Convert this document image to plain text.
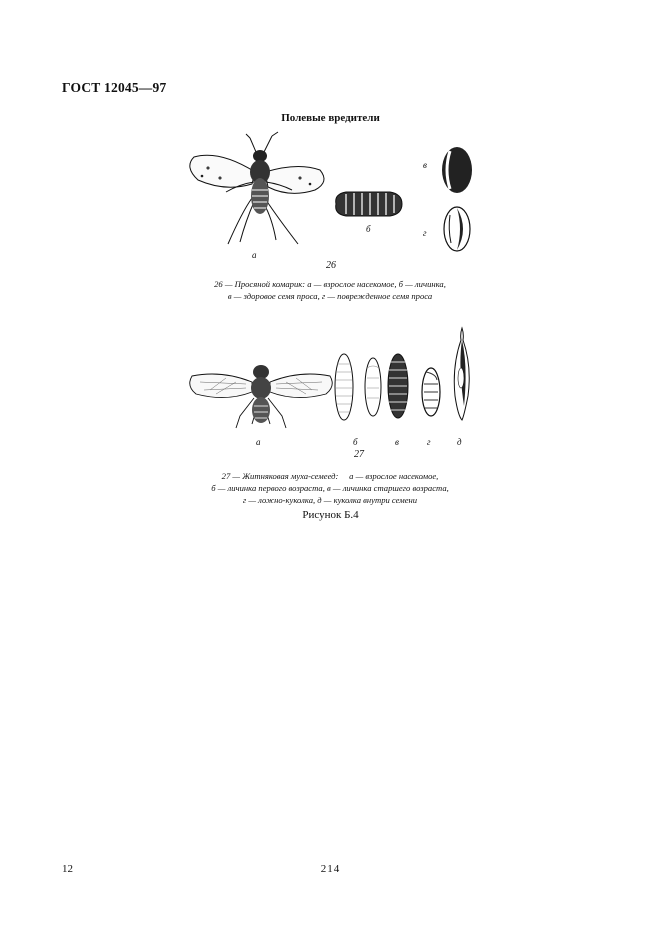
ГОСТ 12045—97
Полевые вредители
а
б
в
г
26
26 — Просяной комарик: а — взрослое насекомое, б — личинка,
в — здоровое семя проса, г — поврежденное семя проса
а	б	в	г	д
27
27 — Житняковая муха-семеед:     а — взрослое насекомое,
б — личинка первого возраста, в — личинка старшего возраста,
г — ложно-куколка, д — куколка внутри семени
Рисунок Б.4
12	214
